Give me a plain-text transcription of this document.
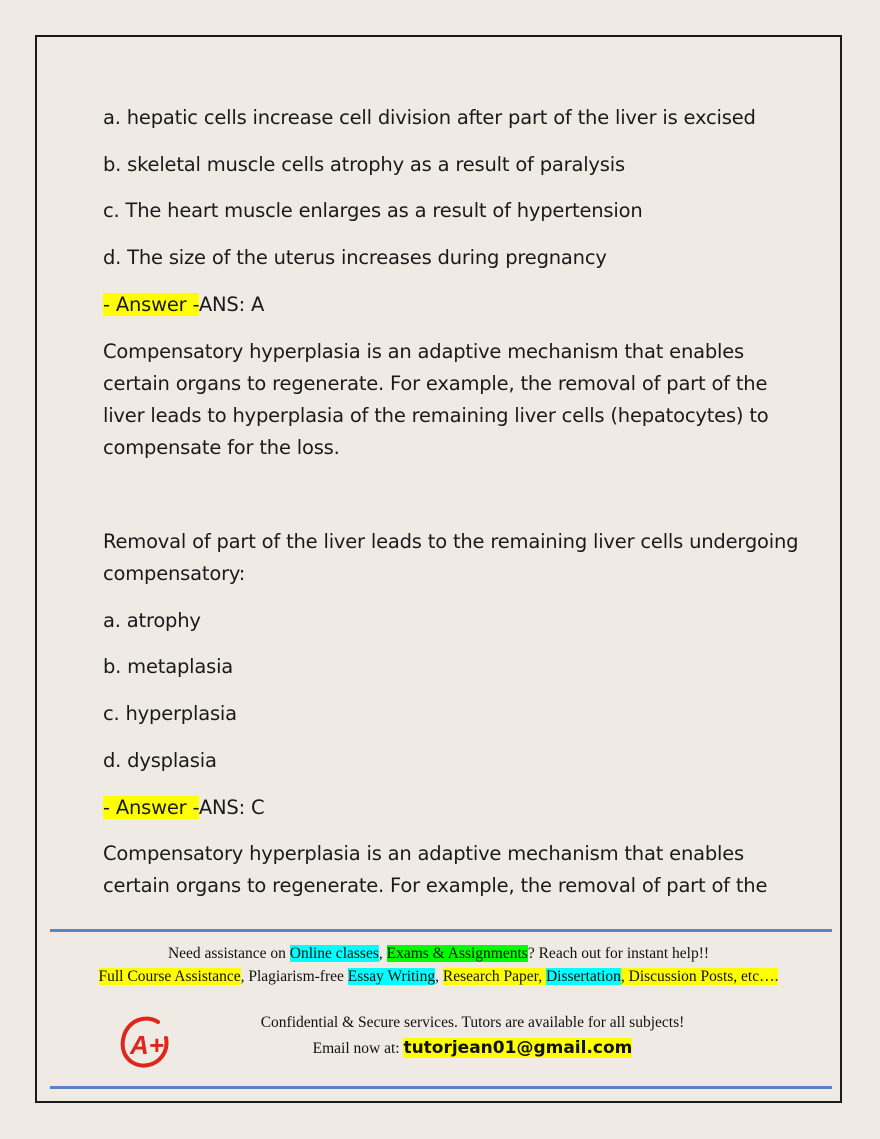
a. hepatic cells increase cell division after part of the liver is excised
b. skeletal muscle cells atrophy as a result of paralysis
c. The heart muscle enlarges as a result of hypertension
d. The size of the uterus increases during pregnancy
- Answer -ANS: A
Compensatory hyperplasia is an adaptive mechanism that enables
certain organs to regenerate. For example, the removal of part of the
liver leads to hyperplasia of the remaining liver cells (hepatocytes) to
compensate for the loss.
Removal of part of the liver leads to the remaining liver cells undergoing
compensatory:
a. atrophy
b. metaplasia
c. hyperplasia
d. dysplasia
- Answer -ANS: C
Compensatory hyperplasia is an adaptive mechanism that enables
certain organs to regenerate. For example, the removal of part of the
Need assistance on Online classes, Exams & Assignments? Reach out for instant help!!
Full Course Assistance, Plagiarism-free Essay Writing, Research Paper, Dissertation, Discussion Posts, etc….
A+
Confidential & Secure services. Tutors are available for all subjects!
Email now at: tutorjean01@gmail.com
